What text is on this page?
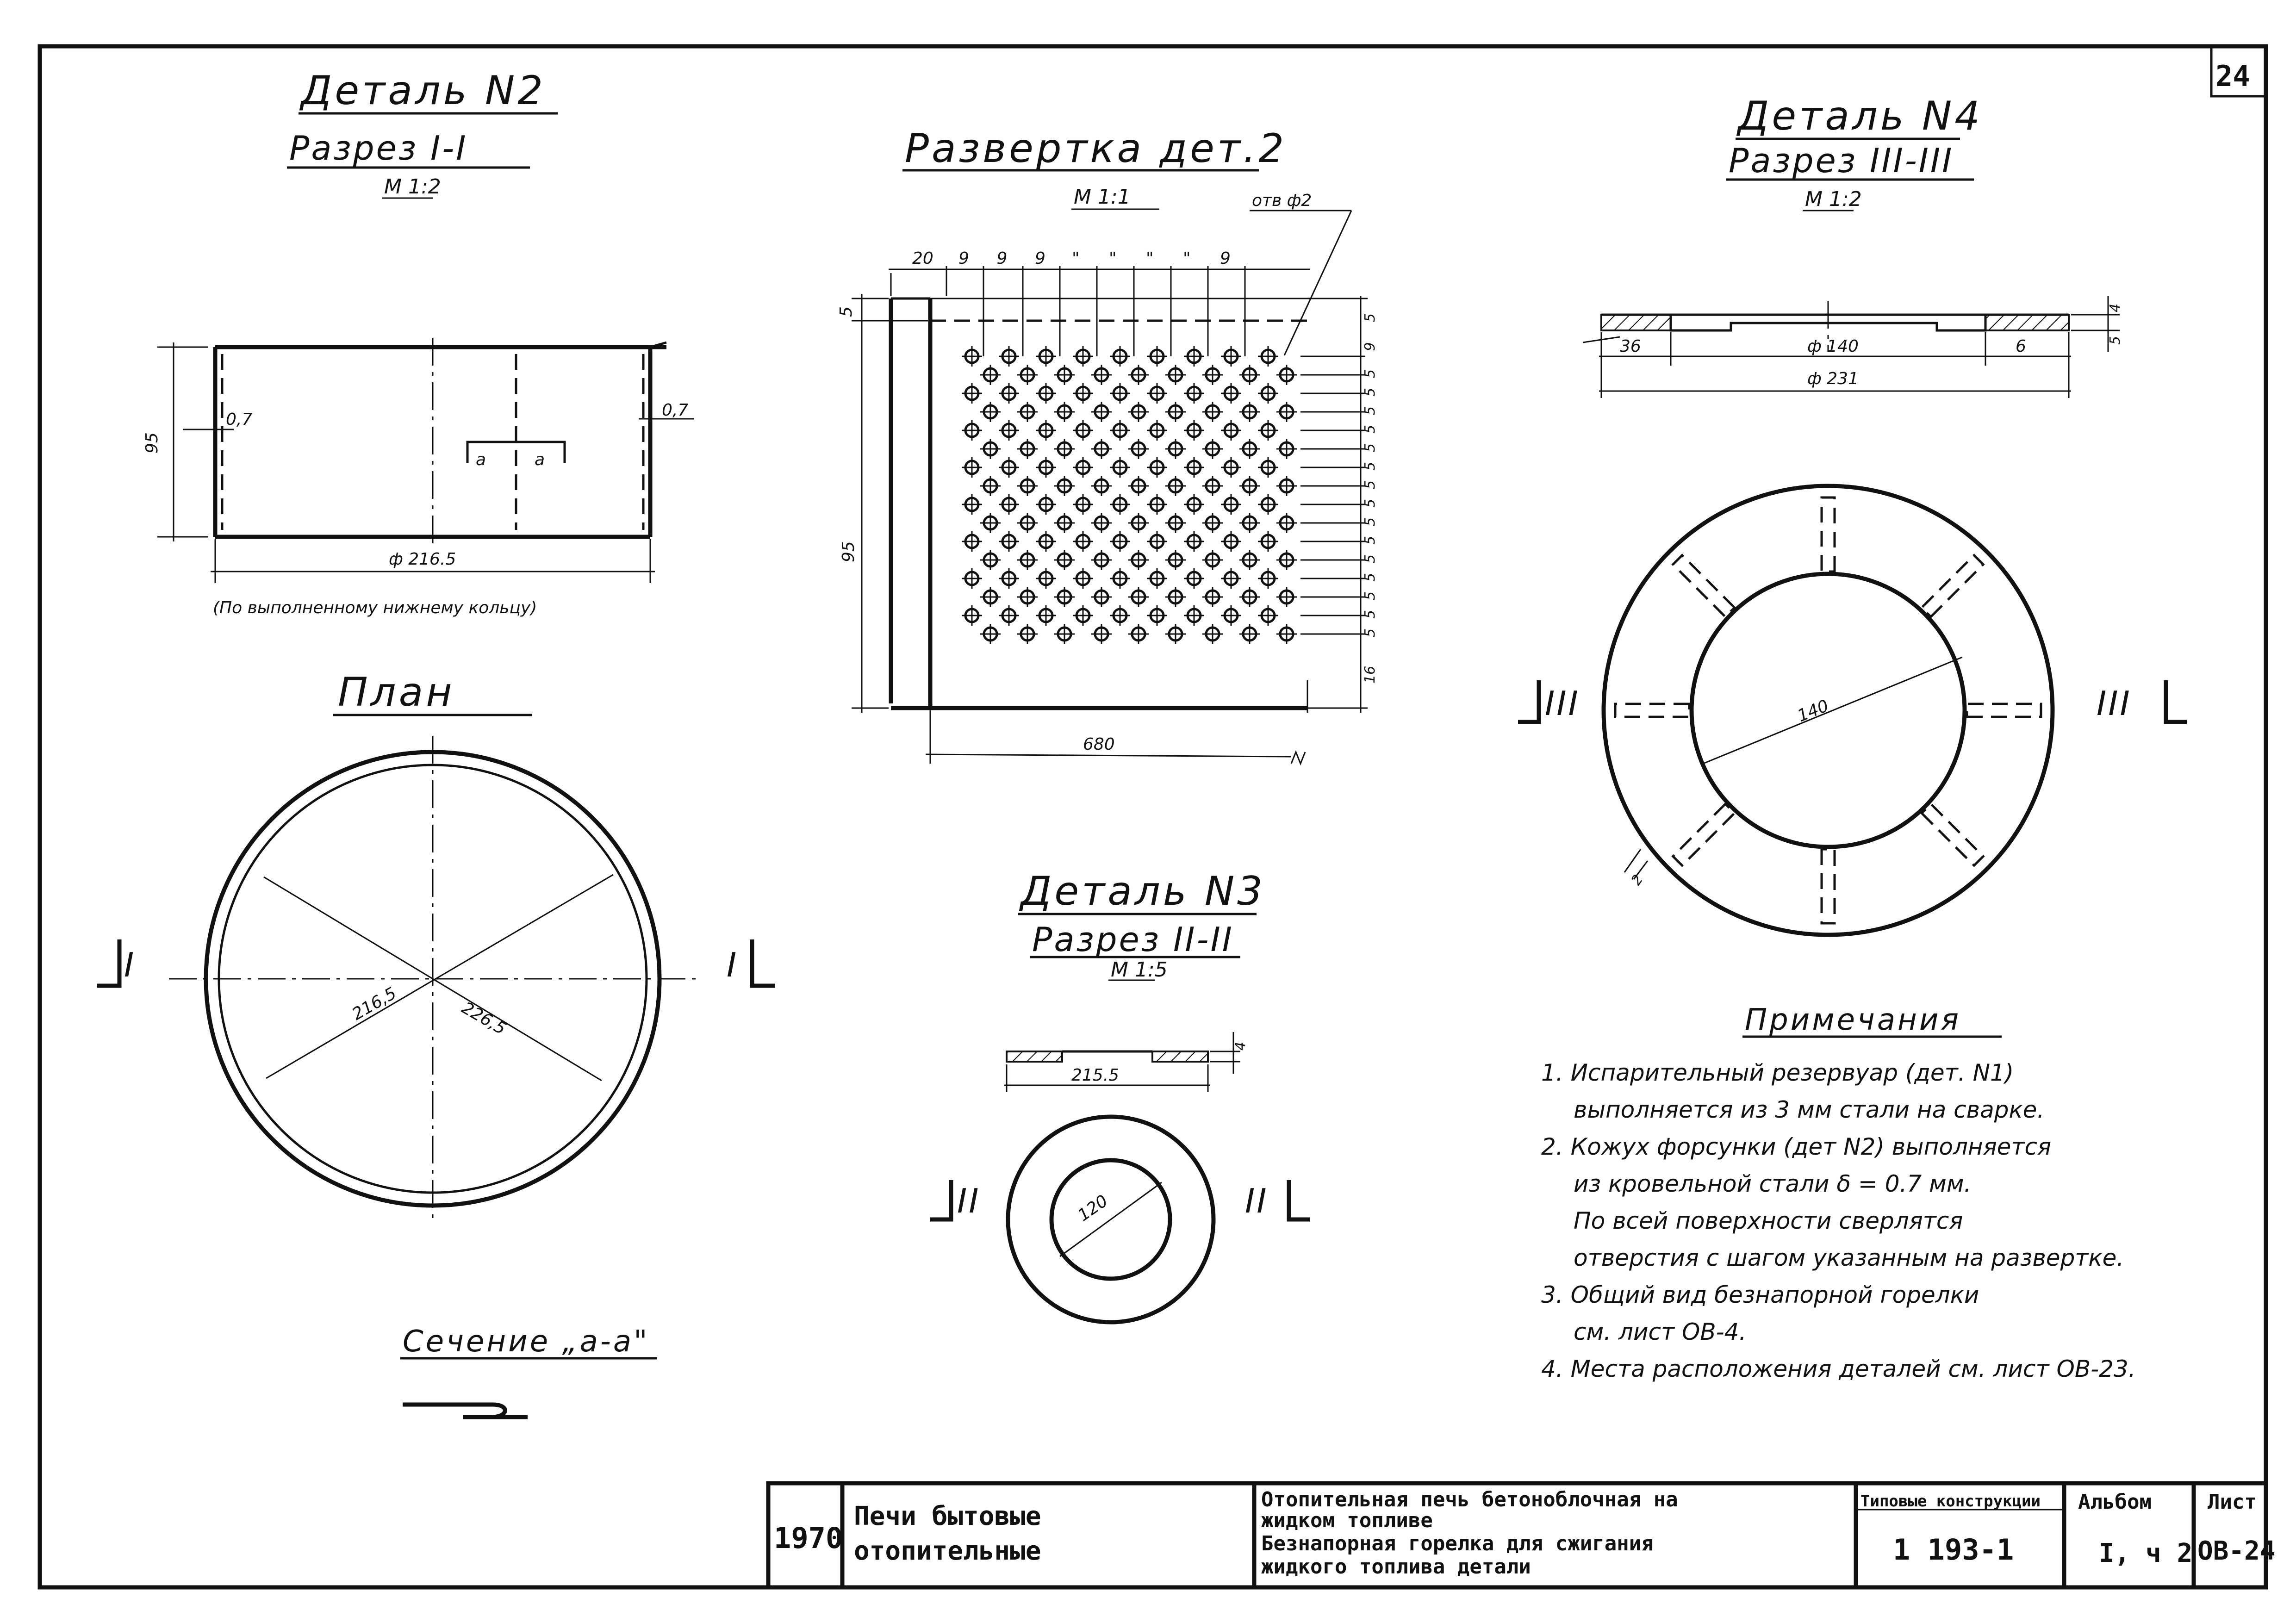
24
Деталь N2
Разрез I-I
М 1:2
а	а
95
0,7	0,7
ф 216.5
(По выполненному нижнему кольцу)
План
216,5	226,5
I	I
Сечение „а-а"
Развертка дет.2
М 1:1	отв ф2
20 9 9 9 " " " " 9
5
95
5
9
5
5
5
5
5
5
5
5
5
5
5
5
5
5
5
16
680
Деталь N3
Разрез II-II
М 1:5
215.5
4
120
II	II
Деталь N4
Разрез III-III
М 1:2
36	ф 140	6
ф 231
4
5
140
2
III	III
Примечания
1. Испарительный резервуар (дет. N1)
выполняется из 3 мм стали на сварке.
2. Кожух форсунки (дет N2) выполняется
из кровельной стали δ = 0.7 мм.
По всей поверхности сверлятся
отверстия с шагом указанным на развертке.
3. Общий вид безнапорной горелки
см. лист ОВ-4.
4. Места расположения деталей см. лист ОВ-23.
1970
Печи бытовые
отопительные
Отопительная печь бетонoблочная на
жидком топливе
Безнапорная горелка для сжигания
жидкого топлива детали
Типовые конструкции
1 193-1
Альбом
I, ч 2
Лист
ОВ-24
